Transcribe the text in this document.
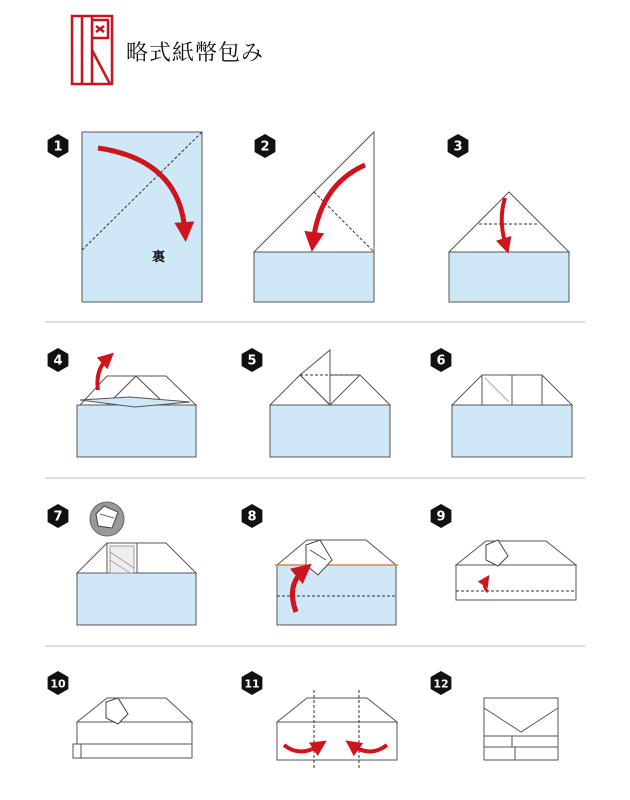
略式紙幣包み
裏
1	2	3
4	5	6
7	8	9
10	11	12
